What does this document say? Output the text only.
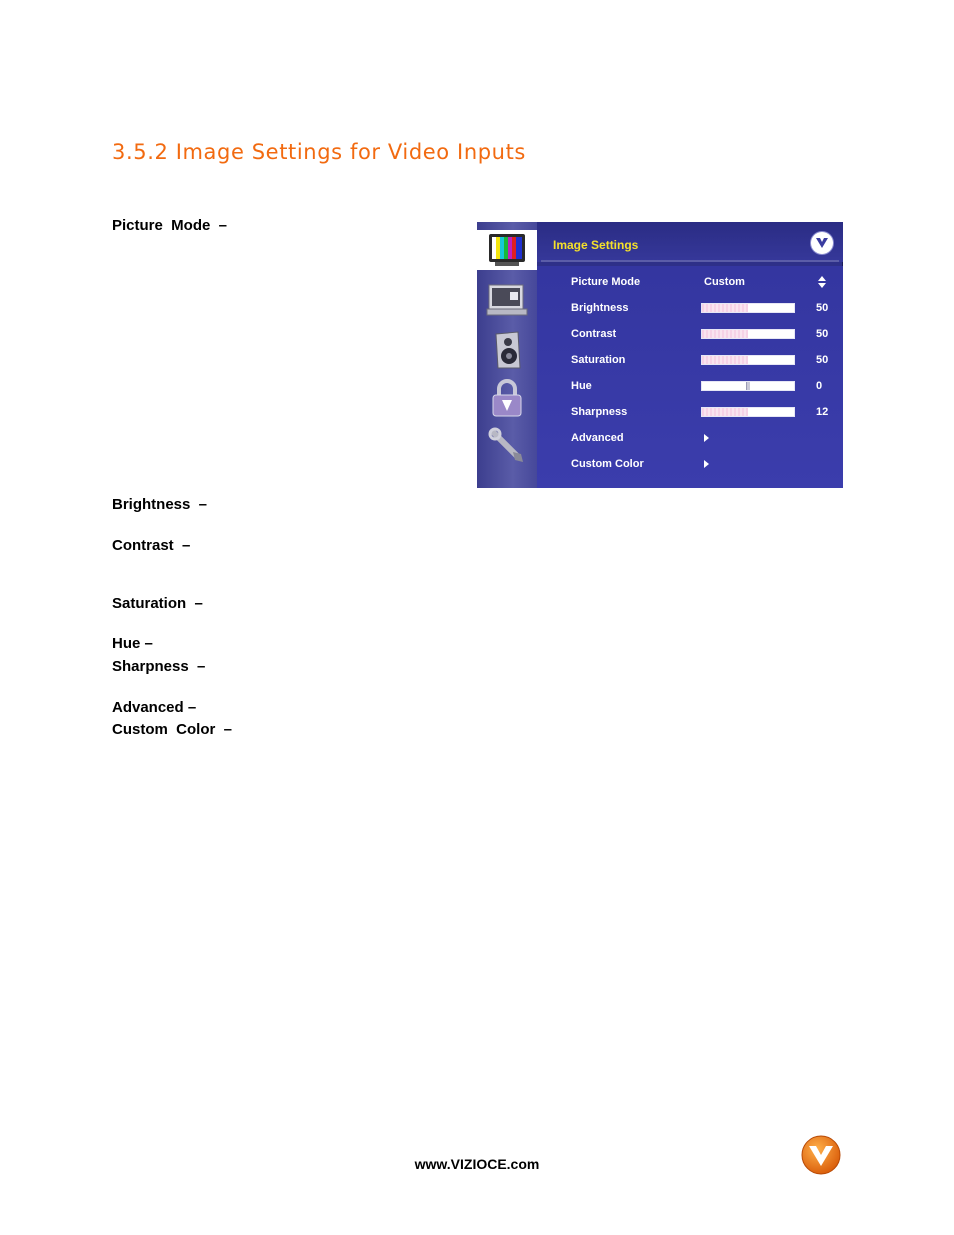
3.5.2 Image Settings for Video Inputs
Picture  Mode  –
Brightness  –
Contrast  –
Saturation  –
Hue –
Sharpness  –
Advanced –
Custom  Color  –
Image Settings
Picture Mode	Custom
Brightness	50
Contrast	50
Saturation	50
Hue	0
Sharpness	12
Advanced
Custom Color
www.VIZIOCE.com
